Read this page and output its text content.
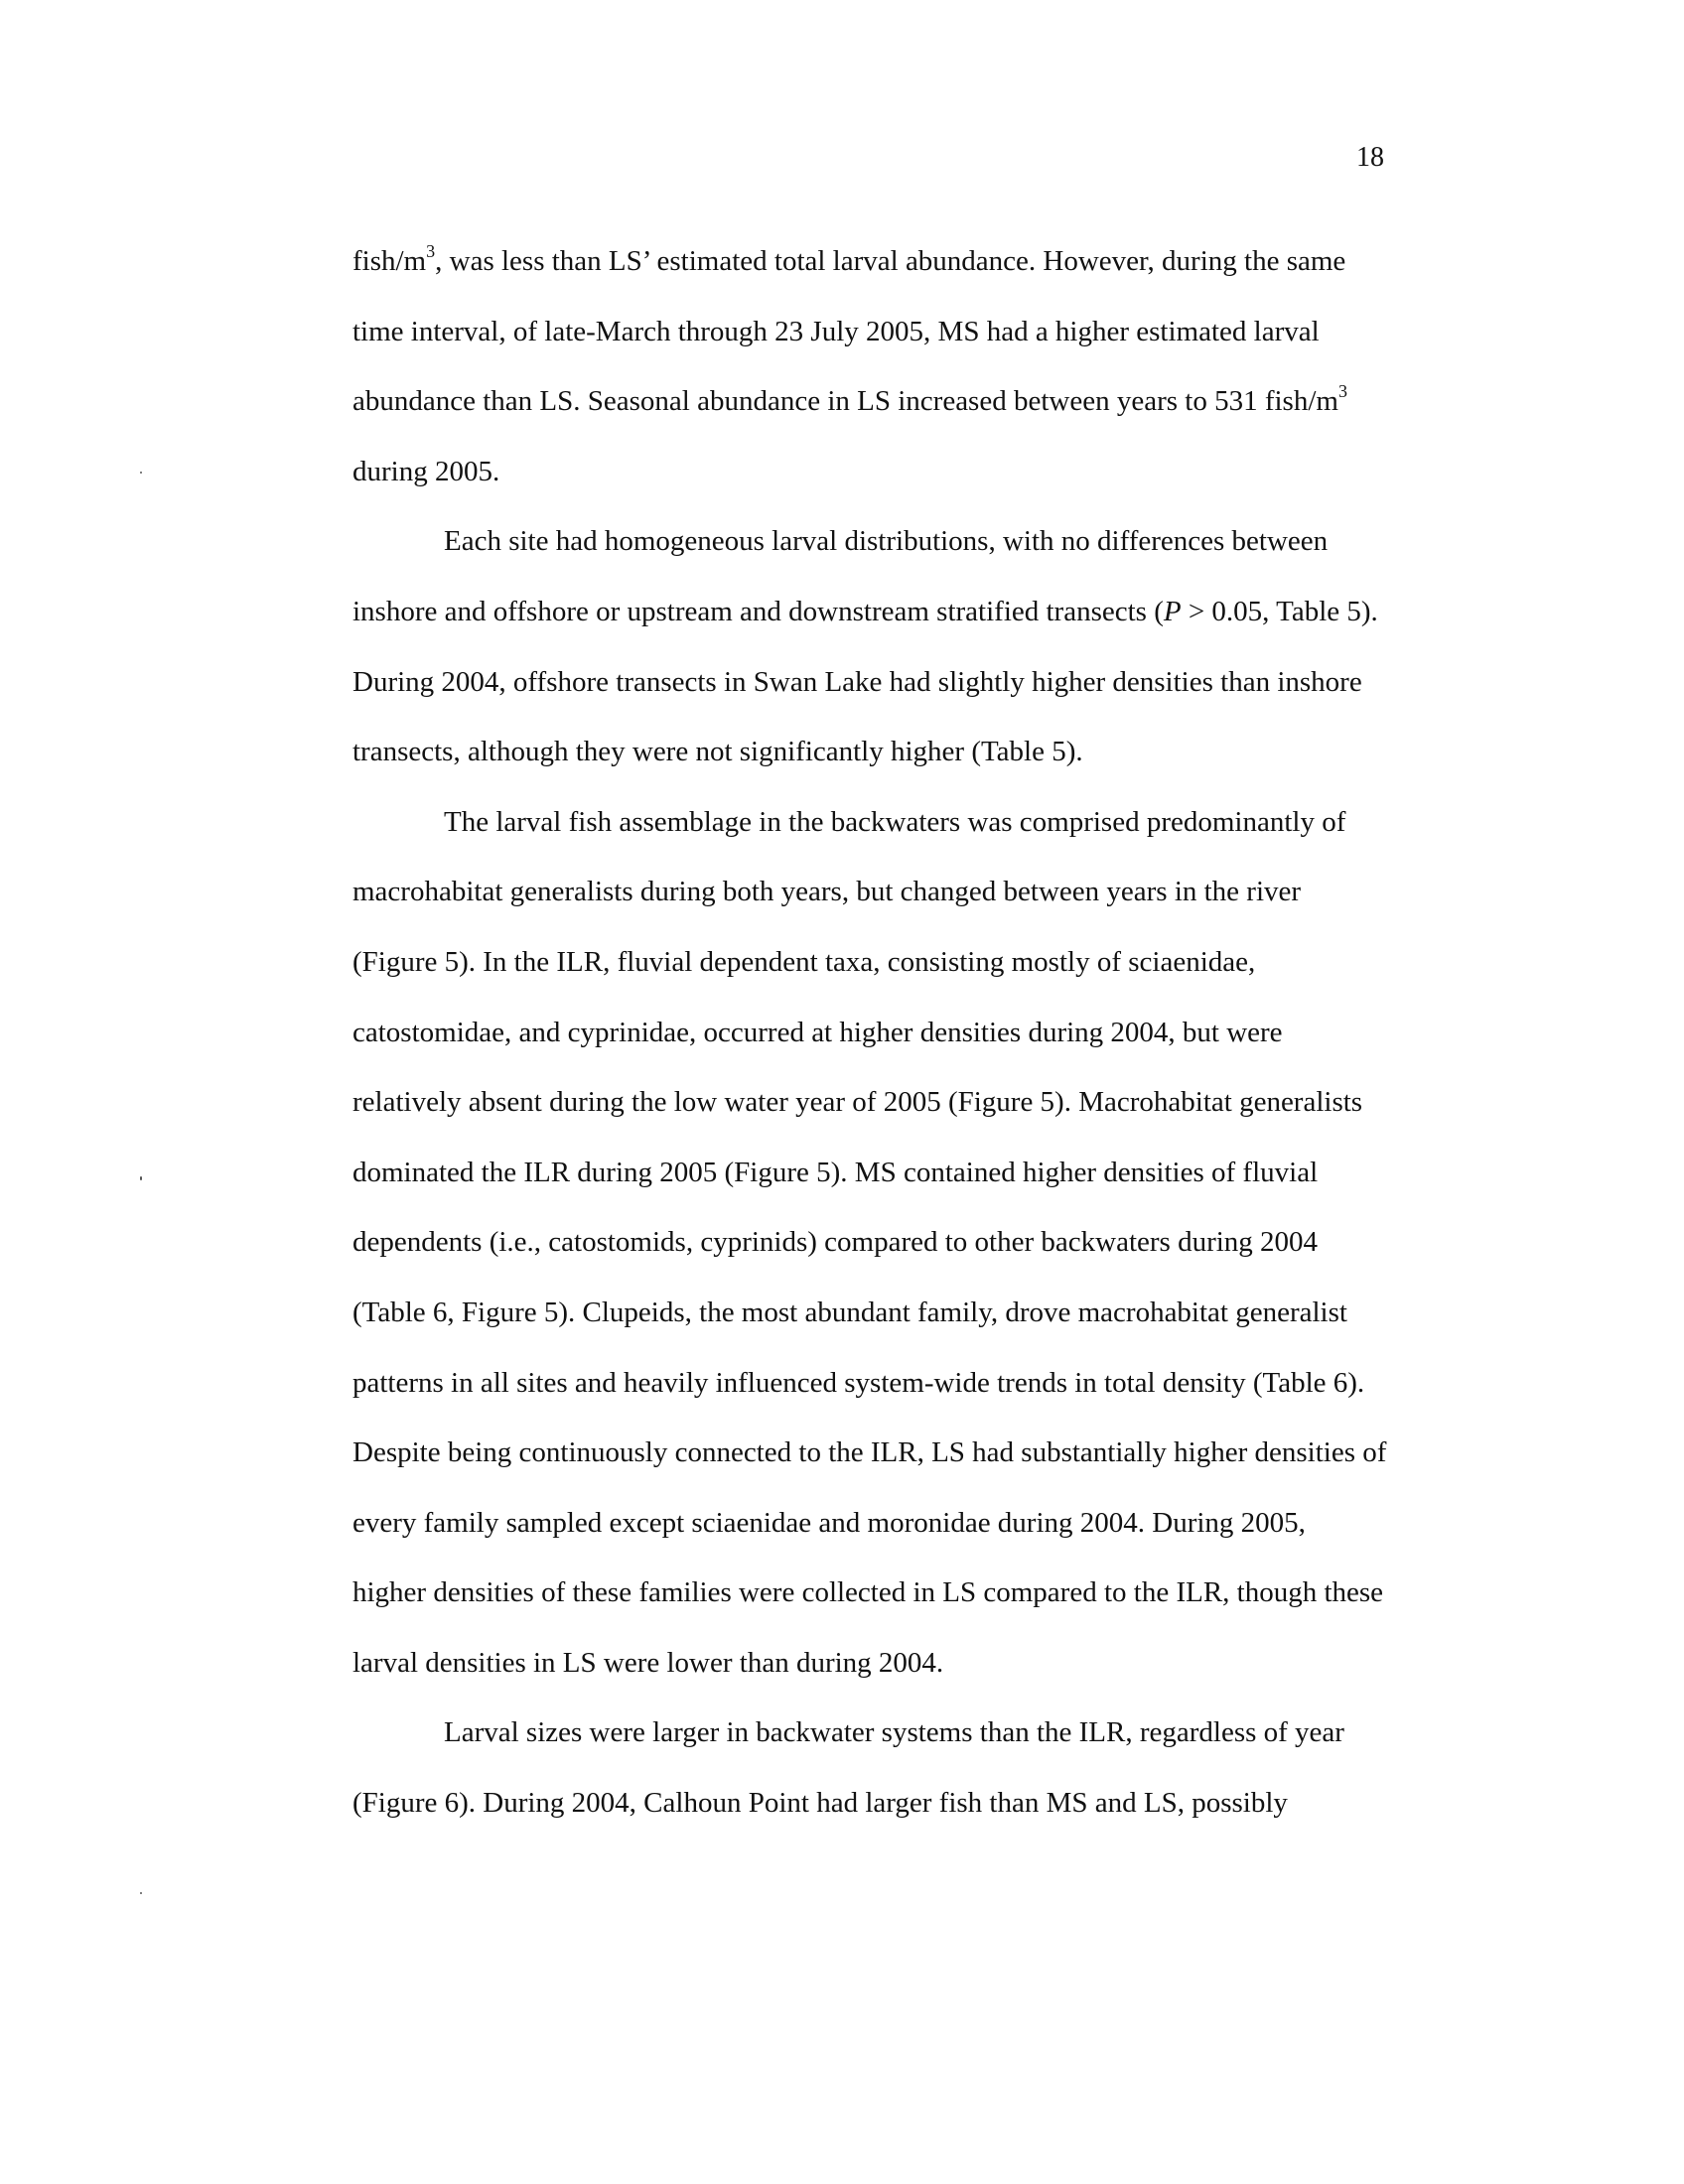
18
fish/$m^3$, was less than LS’ estimated total larval abundance. However, during the same
time interval, of late-March through 23 July 2005, MS had a higher estimated larval
abundance than LS. Seasonal abundance in LS increased between years to 531 fish/$m^3$
during 2005.
Each site had homogeneous larval distributions, with no differences between
inshore and offshore or upstream and downstream stratified transects (P > 0.05, Table 5).
During 2004, offshore transects in Swan Lake had slightly higher densities than inshore
transects, although they were not significantly higher (Table 5).
The larval fish assemblage in the backwaters was comprised predominantly of
macrohabitat generalists during both years, but changed between years in the river
(Figure 5). In the ILR, fluvial dependent taxa, consisting mostly of sciaenidae,
catostomidae, and cyprinidae, occurred at higher densities during 2004, but were
relatively absent during the low water year of 2005 (Figure 5). Macrohabitat generalists
dominated the ILR during 2005 (Figure 5). MS contained higher densities of fluvial
dependents (i.e., catostomids, cyprinids) compared to other backwaters during 2004
(Table 6, Figure 5). Clupeids, the most abundant family, drove macrohabitat generalist
patterns in all sites and heavily influenced system-wide trends in total density (Table 6).
Despite being continuously connected to the ILR, LS had substantially higher densities of
every family sampled except sciaenidae and moronidae during 2004. During 2005,
higher densities of these families were collected in LS compared to the ILR, though these
larval densities in LS were lower than during 2004.
Larval sizes were larger in backwater systems than the ILR, regardless of year
(Figure 6). During 2004, Calhoun Point had larger fish than MS and LS, possibly
